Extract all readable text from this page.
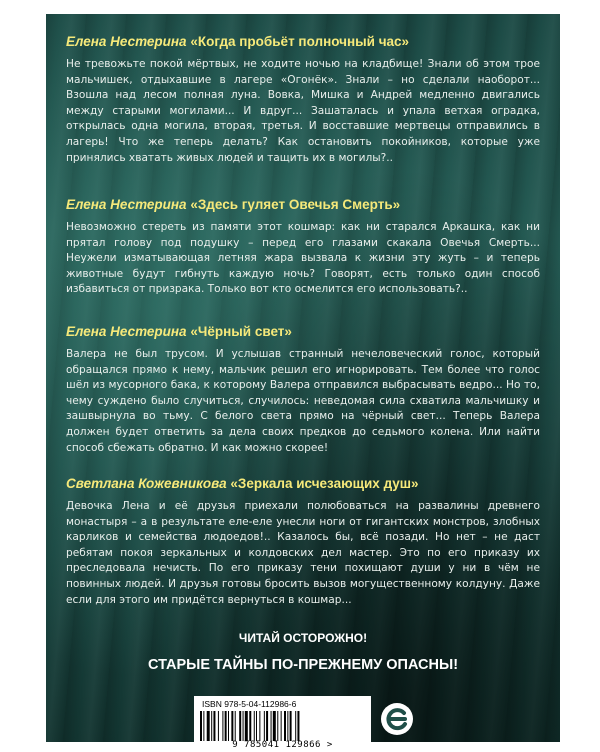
Елена Нестерина «Когда пробьёт полночный час»
Не тревожьте покой мёртвых, не ходите ночью на кладбище! Знали об этом трое мальчишек, отдыхавшие в лагере «Огонёк». Знали – но сделали наоборот... Взошла над лесом полная луна. Вовка, Мишка и Андрей медленно двигались между старыми могилами... И вдруг... Зашаталась и упала ветхая оградка, открылась одна могила, вторая, третья. И восставшие мертвецы отправились в лагерь! Что же теперь делать? Как остановить покойников, которые уже принялись хватать живых людей и тащить их в могилы?..
Елена Нестерина «Здесь гуляет Овечья Смерть»
Невозможно стереть из памяти этот кошмар: как ни старался Аркашка, как ни прятал голову под подушку – перед его глазами скакала Овечья Смерть... Неужели изматывающая летняя жара вызвала к жизни эту жуть – и теперь животные будут гибнуть каждую ночь? Говорят, есть только один способ избавиться от призрака. Только вот кто осмелится его использовать?..
Елена Нестерина «Чёрный свет»
Валера не был трусом. И услышав странный нечеловеческий голос, который обращался прямо к нему, мальчик решил его игнорировать. Тем более что голос шёл из мусорного бака, к которому Валера отправился выбрасывать ведро... Но то, чему суждено было случиться, случилось: неведомая сила схватила мальчишку и зашвырнула во тьму. С белого света прямо на чёрный свет... Теперь Валера должен будет ответить за дела своих предков до седьмого колена. Или найти способ сбежать обратно. И как можно скорее!
Светлана Кожевникова «Зеркала исчезающих душ»
Девочка Лена и её друзья приехали полюбоваться на развалины древнего монастыря – а в результате еле-еле унесли ноги от гигантских монстров, злобных карликов и семейства людоедов!.. Казалось бы, всё позади. Но нет – не даст ребятам покоя зеркальных и колдовских дел мастер. Это по его приказу их преследовала нечисть. По его приказу тени похищают души у ни в чём не повинных людей. И друзья готовы бросить вызов могущественному колдуну. Даже если для этого им придётся вернуться в кошмар...
ЧИТАЙ ОСТОРОЖНО!
СТАРЫЕ ТАЙНЫ ПО-ПРЕЖНЕМУ ОПАСНЫ!
ISBN 978-5-04-112986-6
9 785041 129866 >
